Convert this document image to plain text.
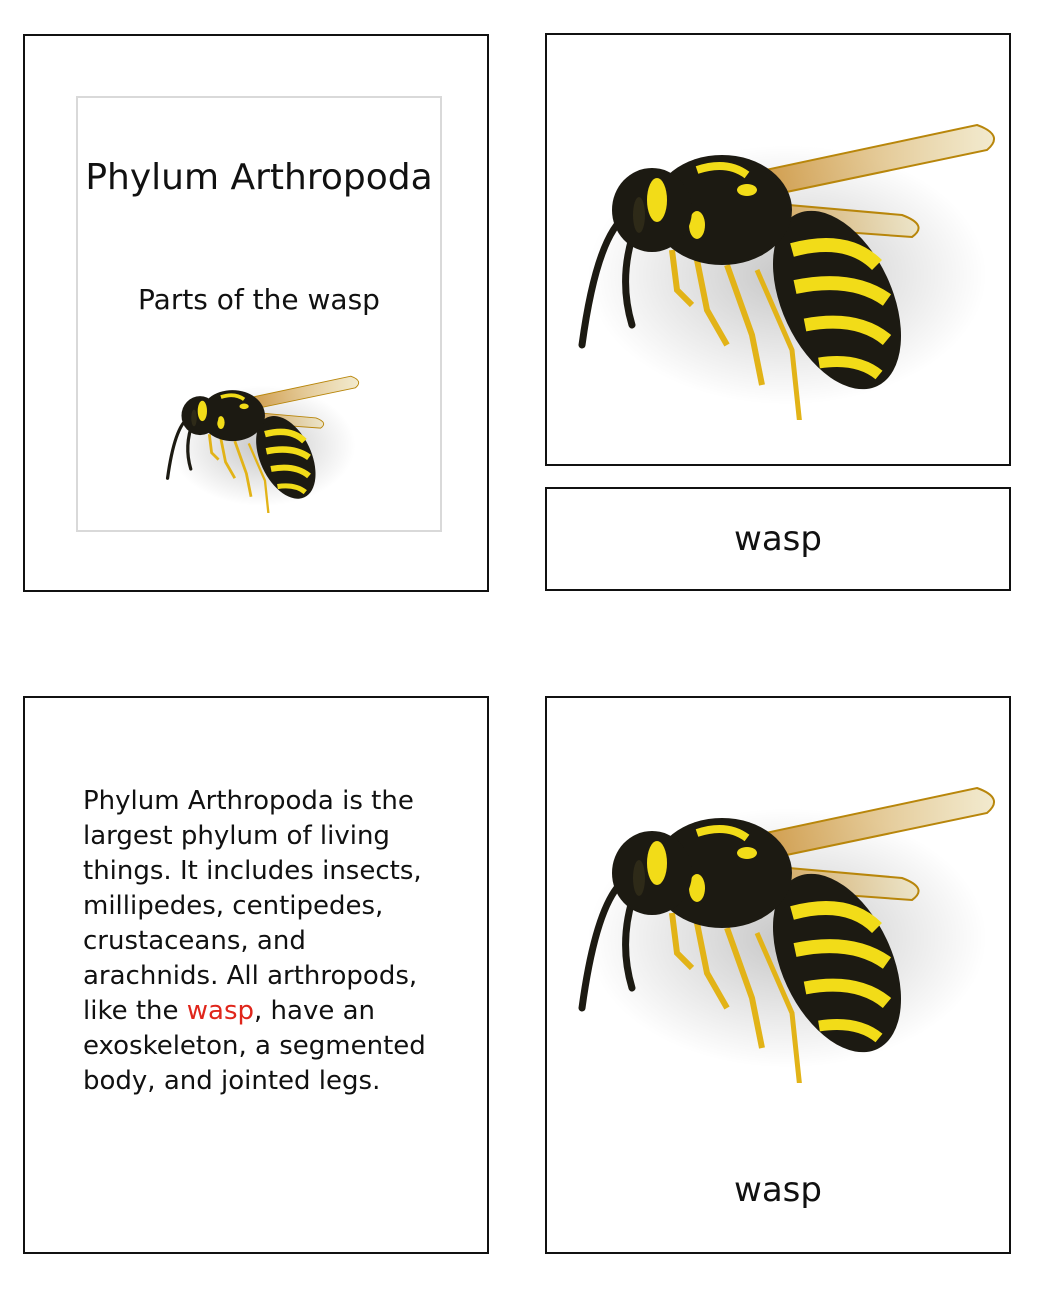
Phylum Arthropoda
Parts of the wasp
wasp
Phylum Arthropoda is the largest phylum of living things. It includes insects, millipedes, centipedes, crustaceans, and arachnids. All arthropods, like the wasp, have an exoskeleton, a segmented body, and jointed legs.
wasp
